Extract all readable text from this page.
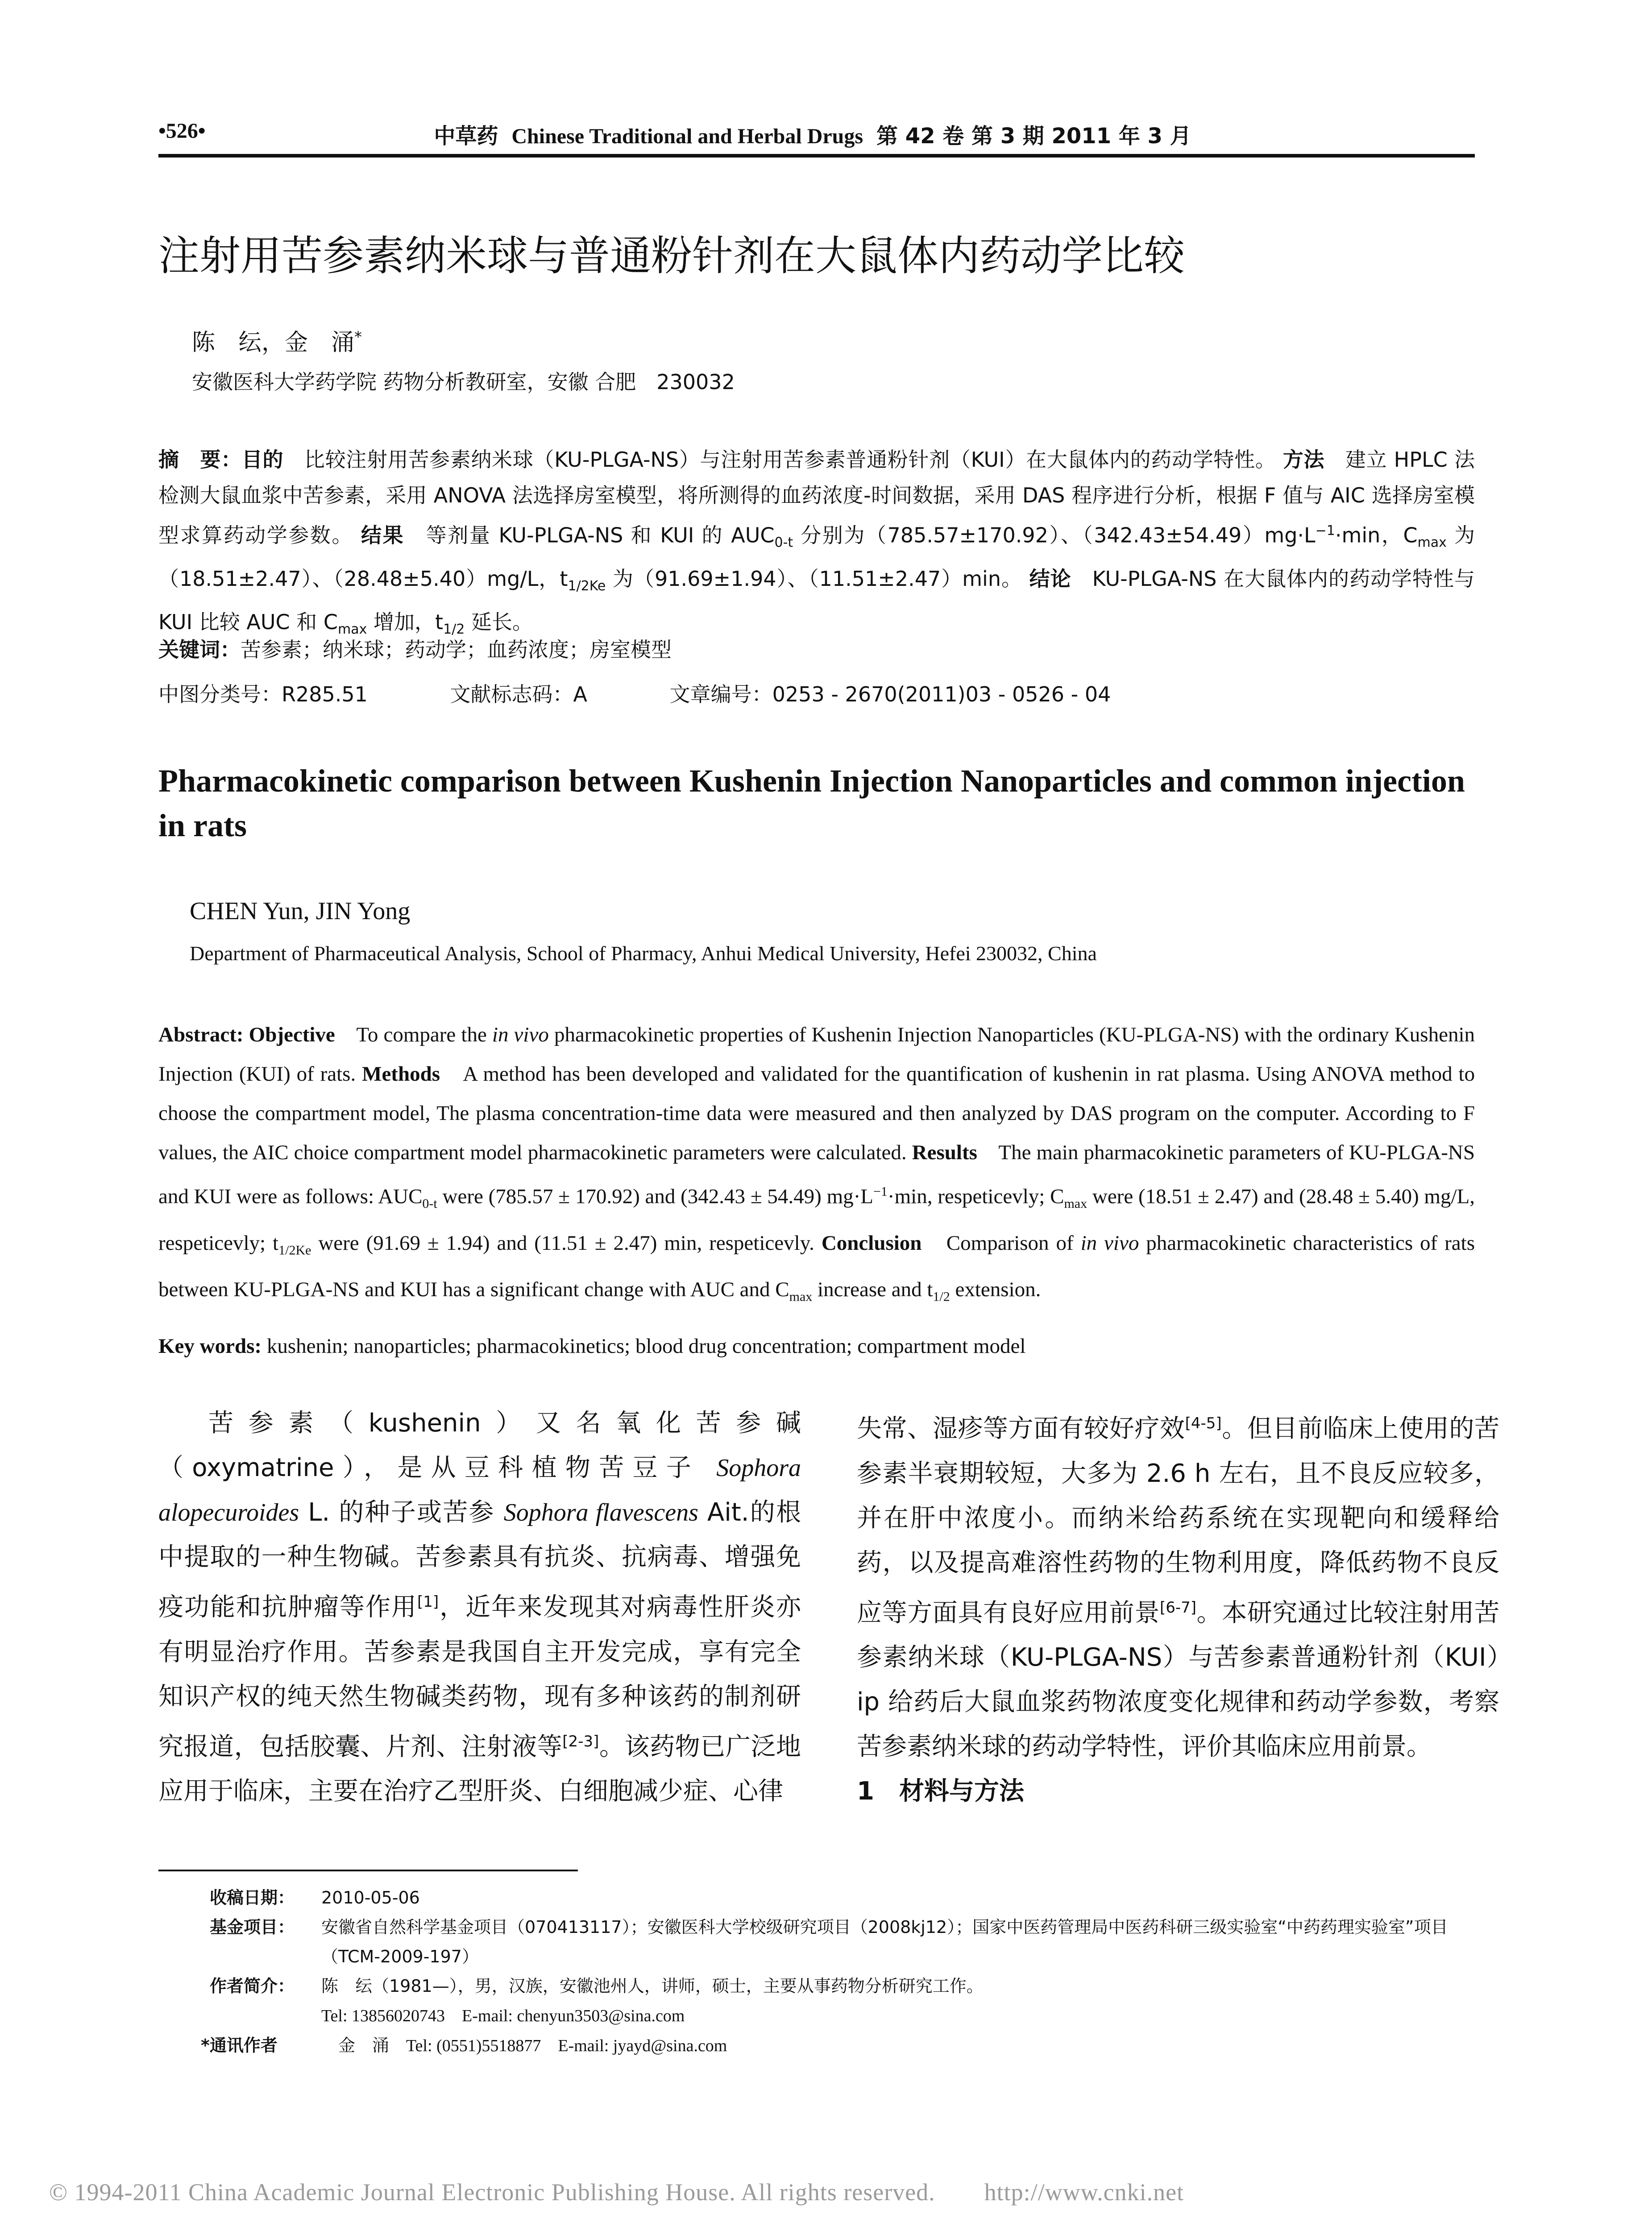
•526•	中草药 Chinese Traditional and Herbal Drugs 第 42 卷 第 3 期 2011 年 3 月
注射用苦参素纳米球与普通粉针剂在大鼠体内药动学比较
陈　纭，金　涌*
安徽医科大学药学院 药物分析教研室，安徽 合肥　230032
摘　要：目的　比较注射用苦参素纳米球（KU-PLGA-NS）与注射用苦参素普通粉针剂（KUI）在大鼠体内的药动学特性。 方法　建立 HPLC 法检测大鼠血浆中苦参素，采用 ANOVA 法选择房室模型，将所测得的血药浓度-时间数据，采用 DAS 程序进行分析，根据 F 值与 AIC 选择房室模型求算药动学参数。 结果　等剂量 KU-PLGA-NS 和 KUI 的 $AUC_{0-t}$ 分别为（785.57±170.92）、$(342.43\pm 54.49)mg\cdot L^{-1}\cdot\min$，$C_{max}$ 为（18.51±2.47）、（28.48±5.40）mg/L，$t_{1/2Ke}$ 为（91.69±1.94）、（11.51±2.47）min。 结论　KU-PLGA-NS 在大鼠体内的药动学特性与 KUI 比较 AUC 和 $C_{max}$ 增加，$t_{1/2}$ 延长。
关键词：苦参素；纳米球；药动学；血药浓度；房室模型
中图分类号：R285.51	文献标志码：A	文章编号：0253 - 2670(2011)03 - 0526 - 04
Pharmacokinetic comparison between Kushenin Injection Nanoparticles and common injection in rats
CHEN Yun, JIN Yong
Department of Pharmaceutical Analysis, School of Pharmacy, Anhui Medical University, Hefei 230032, China
Abstract: Objective　To compare the in vivo pharmacokinetic properties of Kushenin Injection Nanoparticles (KU-PLGA-NS) with the ordinary Kushenin Injection (KUI) of rats. Methods　A method has been developed and validated for the quantification of kushenin in rat plasma. Using ANOVA method to choose the compartment model, The plasma concentration-time data were measured and then analyzed by DAS program on the computer. According to F values, the AIC choice compartment model pharmacokinetic parameters were calculated. Results　The main pharmacokinetic parameters of KU-PLGA-NS and KUI were as follows: $AUC_{0-t}$ were (785.57 ± 170.92) and (342.43 ± 54.49) $mg\cdot L^{-1}\cdot\min$, respeticevly; $C_{max}$ were (18.51 ± 2.47) and (28.48 ± 5.40) mg/L, respeticevly; $t_{1/2Ke}$ were (91.69 ± 1.94) and (11.51 ± 2.47) min, respeticevly. Conclusion　Comparison of in vivo pharmacokinetic characteristics of rats between KU-PLGA-NS and KUI has a significant change with AUC and $C_{max}$ increase and $t_{1/2}$ extension.
Key words: kushenin; nanoparticles; pharmacokinetics; blood drug concentration; compartment model

苦参素（kushenin）又名氧化苦参碱（oxymatrine），是从豆科植物苦豆子 Sophora alopecuroides L. 的种子或苦参 Sophora flavescens Ait.的根中提取的一种生物碱。苦参素具有抗炎、抗病毒、增强免疫功能和抗肿瘤等作用[1]，近年来发现其对病毒性肝炎亦有明显治疗作用。苦参素是我国自主开发完成，享有完全知识产权的纯天然生物碱类药物，现有多种该药的制剂研究报道，包括胶囊、片剂、注射液等[2-3]。该药物已广泛地应用于临床，主要在治疗乙型肝炎、白细胞减少症、心律

失常、湿疹等方面有较好疗效[4-5]。但目前临床上使用的苦参素半衰期较短，大多为 2.6 h 左右，且不良反应较多，并在肝中浓度小。而纳米给药系统在实现靶向和缓释给药，以及提高难溶性药物的生物利用度，降低药物不良反应等方面具有良好应用前景[6-7]。本研究通过比较注射用苦参素纳米球（KU-PLGA-NS）与苦参素普通粉针剂（KUI）ip 给药后大鼠血浆药物浓度变化规律和药动学参数，考察苦参素纳米球的药动学特性，评价其临床应用前景。

1　材料与方法

收稿日期： 2010-05-06
基金项目： 安徽省自然科学基金项目（070413117）；安徽医科大学校级研究项目（2008kj12）；国家中医药管理局中医药科研三级实验室“中药药理实验室”项目（TCM-2009-197）
作者简介： 陈　纭（1981—），男，汉族，安徽池州人，讲师，硕士，主要从事药物分析研究工作。
Tel: 13856020743　E-mail: chenyun3503@sina.com
*通讯作者	　金　涌　Tel: (0551)5518877　E-mail: jyayd@sina.com
© 1994-2011 China Academic Journal Electronic Publishing House. All rights reserved.　　http://www.cnki.net
